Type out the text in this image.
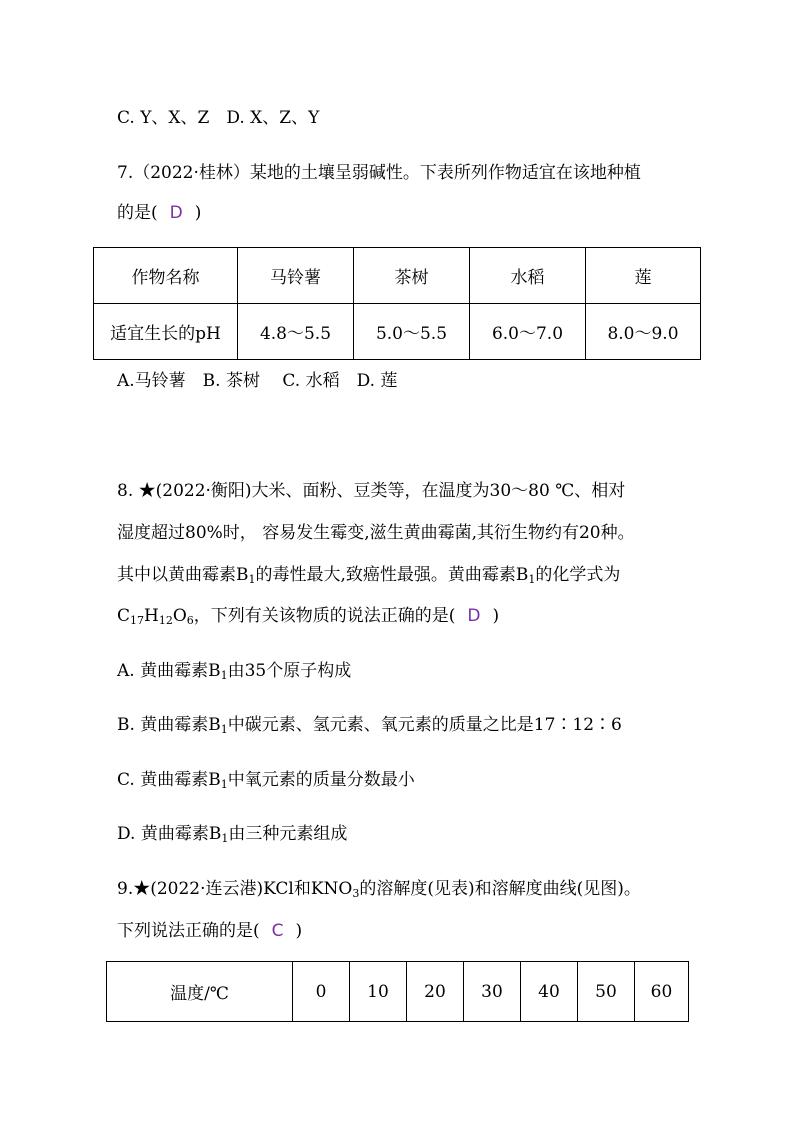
C. Y、X、Z　D. X、Z、Y
7.（2022·桂林）某地的土壤呈弱碱性。下表所列作物适宜在该地种植
的是( D )
作物名称	马铃薯	茶树	水稻	莲
适宜生长的pH	4.8～5.5	5.0～5.5	6.0～7.0	8.0～9.0
A.马铃薯　B. 茶树　 C. 水稻　D. 莲
8. ★(2022·衡阳)大米、面粉、豆类等，在温度为30～80 ℃、相对
湿度超过80%时， 容易发生霉变,滋生黄曲霉菌,其衍生物约有20种。
其中以黄曲霉素$B_1$的毒性最大,致癌性最强。黄曲霉素$B_1$的化学式为
$C_{17}H_{12}O_6$，下列有关该物质的说法正确的是( D )
A. 黄曲霉素$B_1$由35个原子构成
B. 黄曲霉素$B_1$中碳元素、氢元素、氧元素的质量之比是17∶12∶6
C. 黄曲霉素$B_1$中氧元素的质量分数最小
D. 黄曲霉素$B_1$由三种元素组成
9.★(2022·连云港)KCl和$KNO_3$的溶解度(见表)和溶解度曲线(见图)。
下列说法正确的是( C )
温度/℃	0	10	20	30	40	50	60
